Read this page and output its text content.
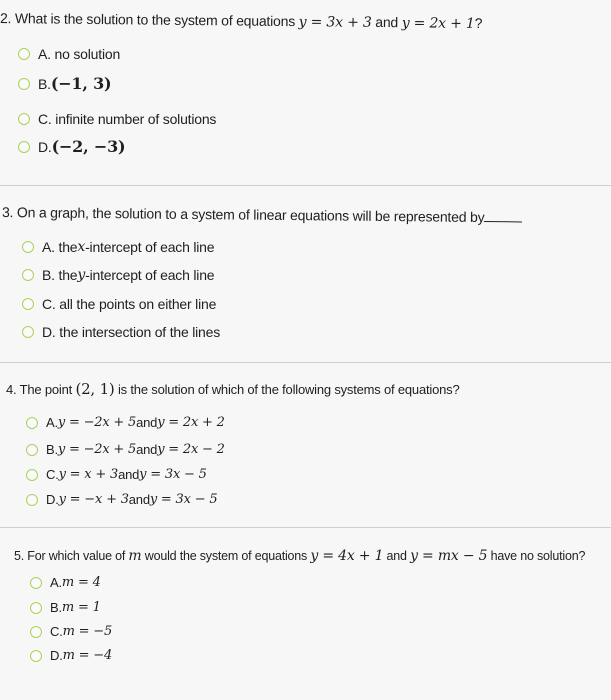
2. What is the solution to the system of equations y = 3x + 3 and y = 2x + 1?
A. no solution
B. (−1, 3)
C. infinite number of solutions
D. (−2, −3)
3. On a graph, the solution to a system of linear equations will be represented by
A. the x -intercept of each line
B. the y -intercept of each line
C. all the points on either line
D. the intersection of the lines
4. The point (2, 1) is the solution of which of the following systems of equations?
A. y = −2x + 5 and y = 2x + 2
B. y = −2x + 5 and y = 2x − 2
C. y = x + 3 and y = 3x − 5
D. y = −x + 3 and y = 3x − 5
5. For which value of m would the system of equations y = 4x + 1 and y = mx − 5 have no solution?
A. m = 4
B. m = 1
C. m = −5
D. m = −4
